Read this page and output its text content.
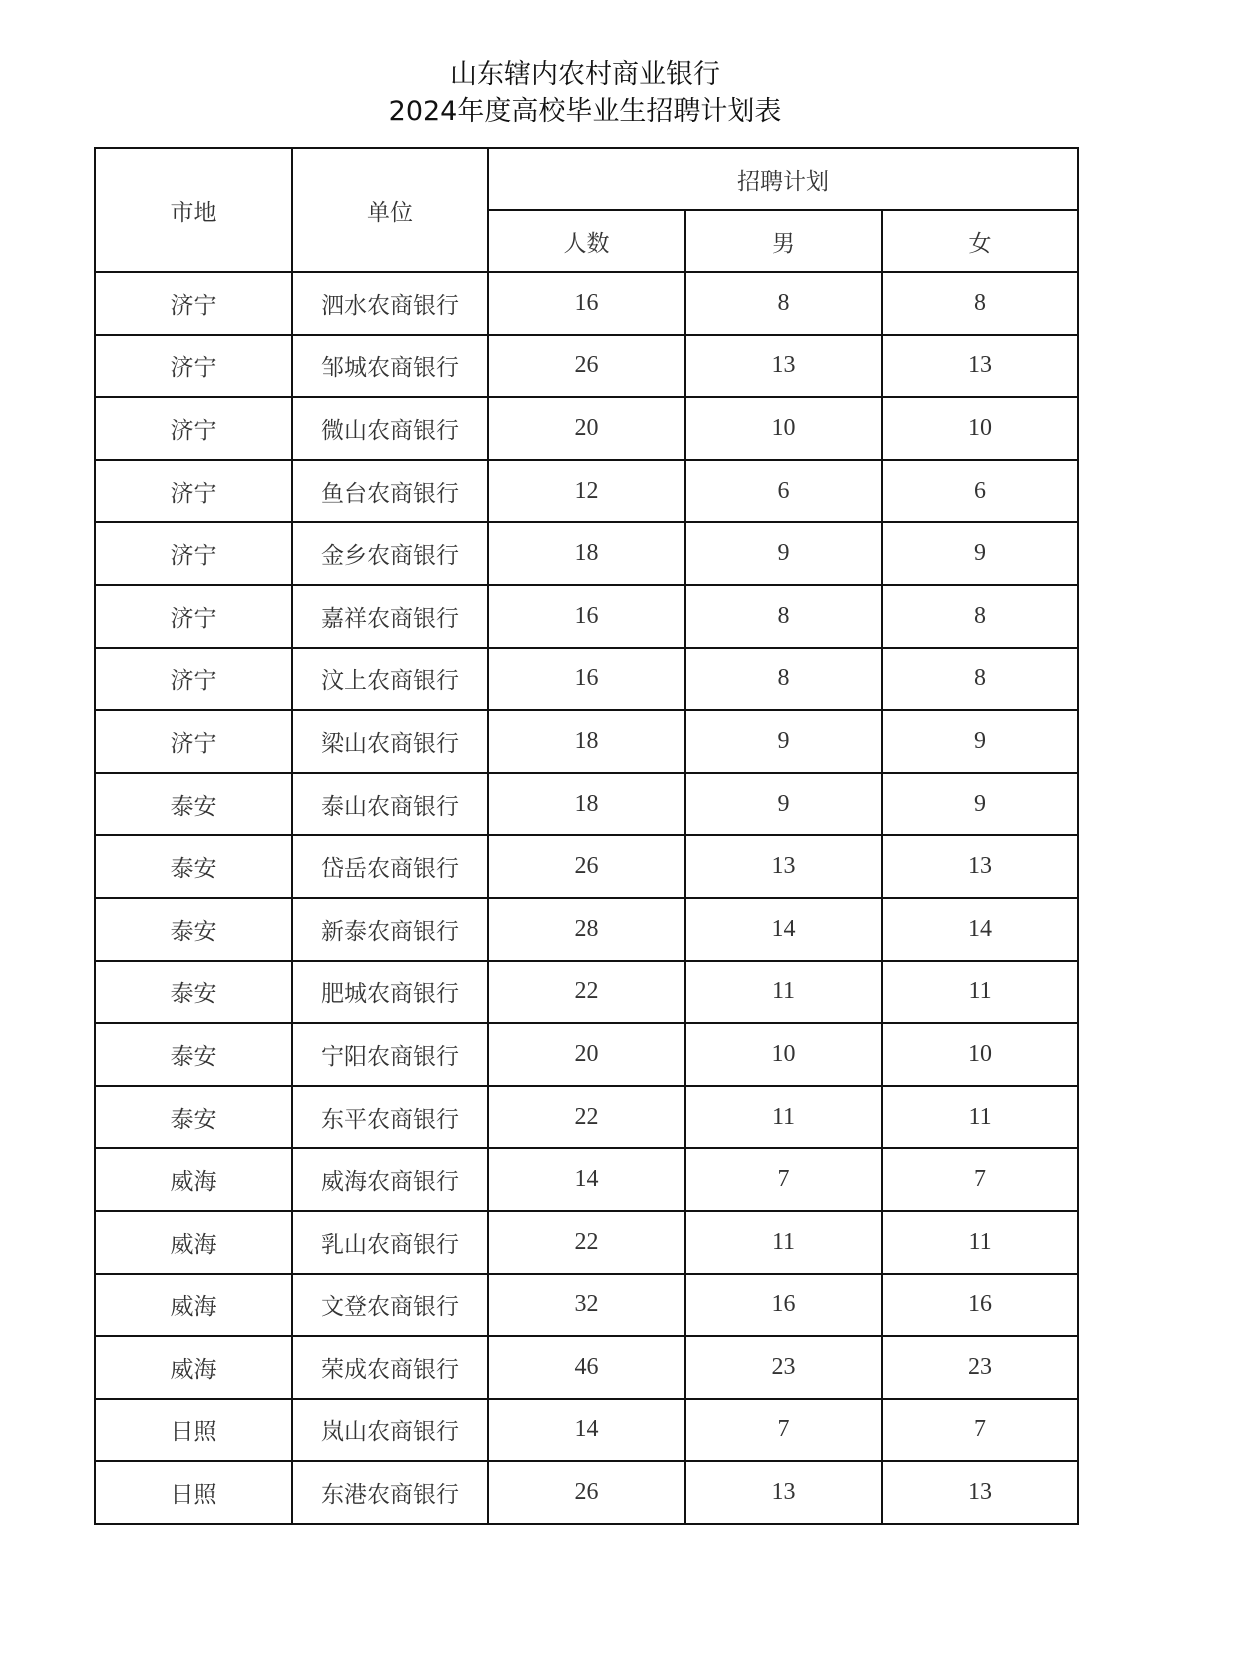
山东辖内农村商业银行
2024年度高校毕业生招聘计划表
市地	单位	招聘计划		
		人数	男	女
济宁	泗水农商银行	16	8	8
济宁	邹城农商银行	26	13	13
济宁	微山农商银行	20	10	10
济宁	鱼台农商银行	12	6	6
济宁	金乡农商银行	18	9	9
济宁	嘉祥农商银行	16	8	8
济宁	汶上农商银行	16	8	8
济宁	梁山农商银行	18	9	9
泰安	泰山农商银行	18	9	9
泰安	岱岳农商银行	26	13	13
泰安	新泰农商银行	28	14	14
泰安	肥城农商银行	22	11	11
泰安	宁阳农商银行	20	10	10
泰安	东平农商银行	22	11	11
威海	威海农商银行	14	7	7
威海	乳山农商银行	22	11	11
威海	文登农商银行	32	16	16
威海	荣成农商银行	46	23	23
日照	岚山农商银行	14	7	7
日照	东港农商银行	26	13	13
